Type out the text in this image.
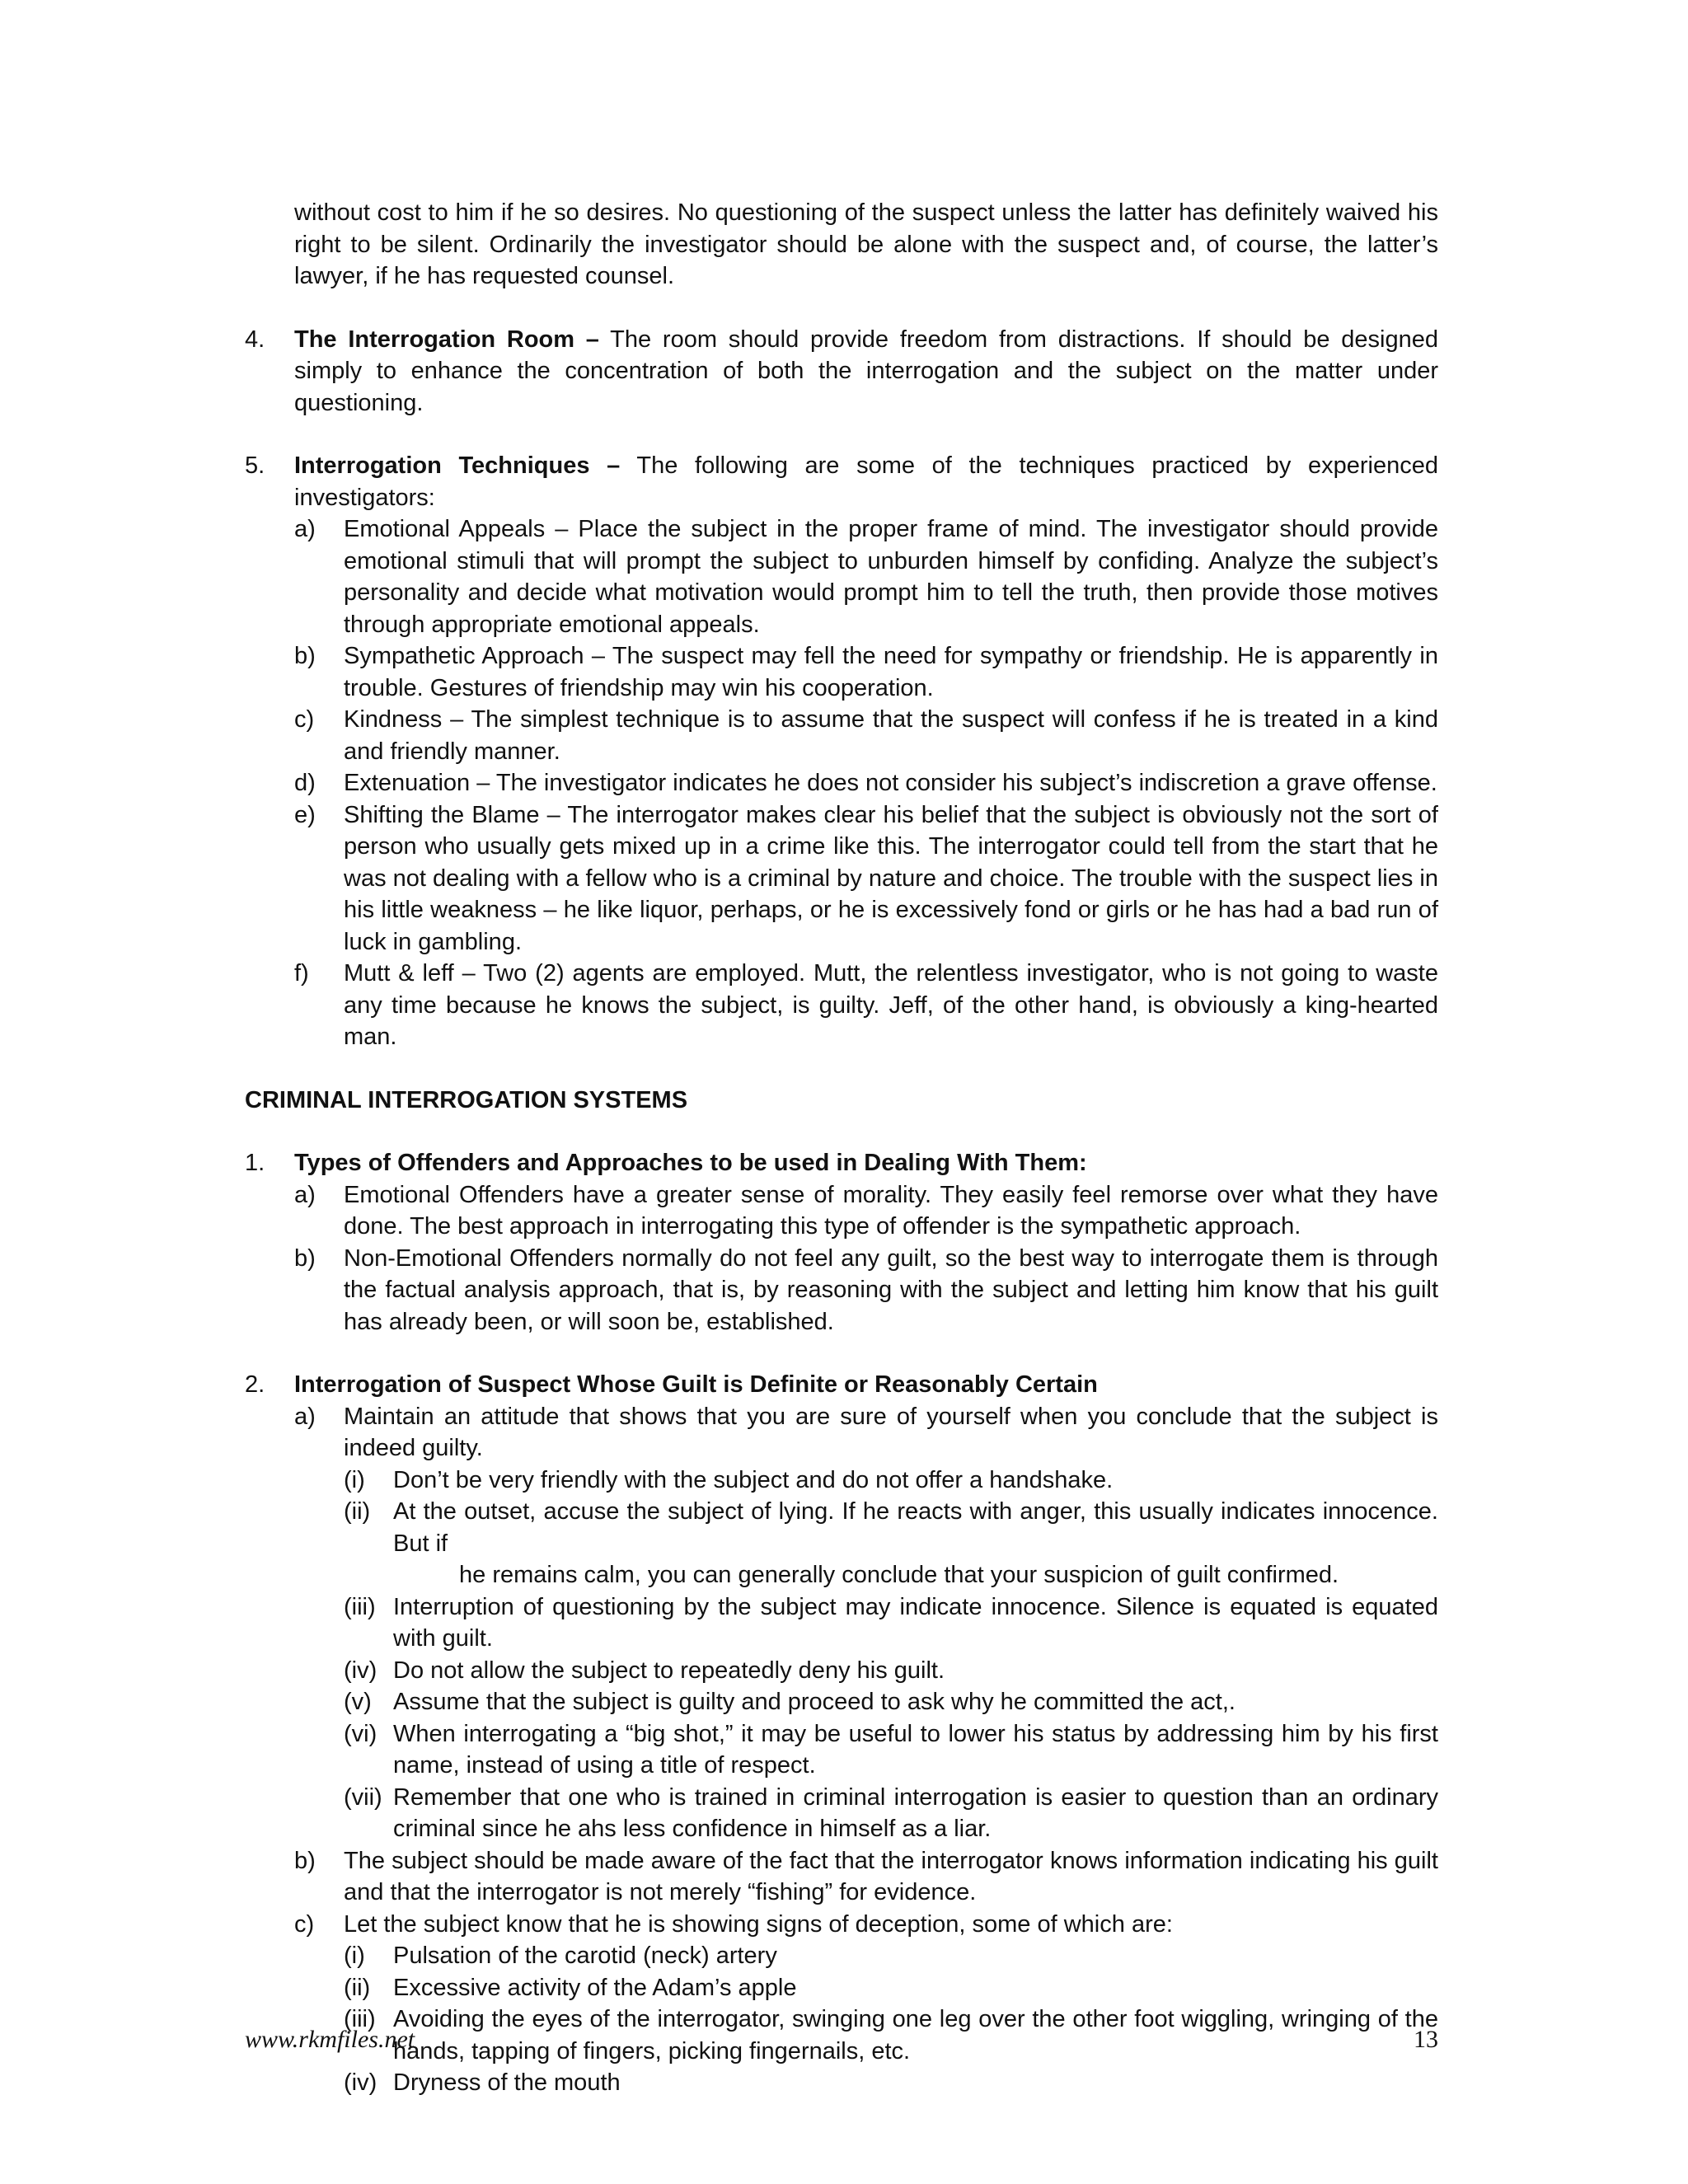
without cost to him if he so desires. No questioning of the suspect unless the latter has definitely waived his right to be silent. Ordinarily the investigator should be alone with the suspect and, of course, the latter’s lawyer, if he has requested counsel.
4.	The Interrogation Room – The room should provide freedom from distractions. If should be designed simply to enhance the concentration of both the interrogation and the subject on the matter under questioning.
5.	Interrogation Techniques – The following are some of the techniques practiced by experienced investigators:
a)	Emotional Appeals – Place the subject in the proper frame of mind. The investigator should provide emotional stimuli that will prompt the subject to unburden himself by confiding. Analyze the subject’s personality and decide what motivation would prompt him to tell the truth, then provide those motives through appropriate emotional appeals.
b)	Sympathetic Approach – The suspect may fell the need for sympathy or friendship. He is apparently in trouble. Gestures of friendship may win his cooperation.
c)	Kindness – The simplest technique is to assume that the suspect will confess if he is treated in a kind and friendly manner.
d)	Extenuation – The investigator indicates he does not consider his subject’s indiscretion a grave offense.
e)	Shifting the Blame – The interrogator makes clear his belief that the subject is obviously not the sort of person who usually gets mixed up in a crime like this. The interrogator could tell from the start that he was not dealing with a fellow who is a criminal by nature and choice. The trouble with the suspect lies in his little weakness – he like liquor, perhaps, or he is excessively fond or girls or he has had a bad run of luck in gambling.
f)	Mutt & leff – Two (2) agents are employed. Mutt, the relentless investigator, who is not going to waste any time because he knows the subject, is guilty. Jeff, of the other hand, is obviously a king-hearted man.
CRIMINAL INTERROGATION SYSTEMS
1.	Types of Offenders and Approaches to be used in Dealing With Them:
a)	Emotional Offenders have a greater sense of morality. They easily feel remorse over what they have done. The best approach in interrogating this type of offender is the sympathetic approach.
b)	Non-Emotional Offenders normally do not feel any guilt, so the best way to interrogate them is through the factual analysis approach, that is, by reasoning with the subject and letting him know that his guilt has already been, or will soon be, established.
2.	Interrogation of Suspect Whose Guilt is Definite or Reasonably Certain
a)	Maintain an attitude that shows that you are sure of yourself when you conclude that the subject is indeed guilty.
(i)	Don’t be very friendly with the subject and do not offer a handshake.
(ii) At the outset, accuse the subject of lying. If he reacts with anger, this usually indicates innocence. But if
he remains calm, you can generally conclude that your suspicion of guilt confirmed.
(iii) Interruption of questioning by the subject may indicate innocence. Silence is equated is equated with guilt.
(iv) Do not allow the subject to repeatedly deny his guilt.
(v) Assume that the subject is guilty and proceed to ask why he committed the act,.
(vi) When interrogating a “big shot,” it may be useful to lower his status by addressing him by his first name, instead of using a title of respect.
(vii) Remember that one who is trained in criminal interrogation is easier to question than an ordinary criminal since he ahs less confidence in himself as a liar.
b)	The subject should be made aware of the fact that the interrogator knows information indicating his guilt and that the interrogator is not merely “fishing” for evidence.
c)	Let the subject know that he is showing signs of deception, some of which are:
(i)	Pulsation of the carotid (neck) artery
(ii) Excessive activity of the Adam’s apple
(iii) Avoiding the eyes of the interrogator, swinging one leg over the other foot wiggling, wringing of the hands, tapping of fingers, picking fingernails, etc.
(iv) Dryness of the mouth
www.rkmfiles.net	13
